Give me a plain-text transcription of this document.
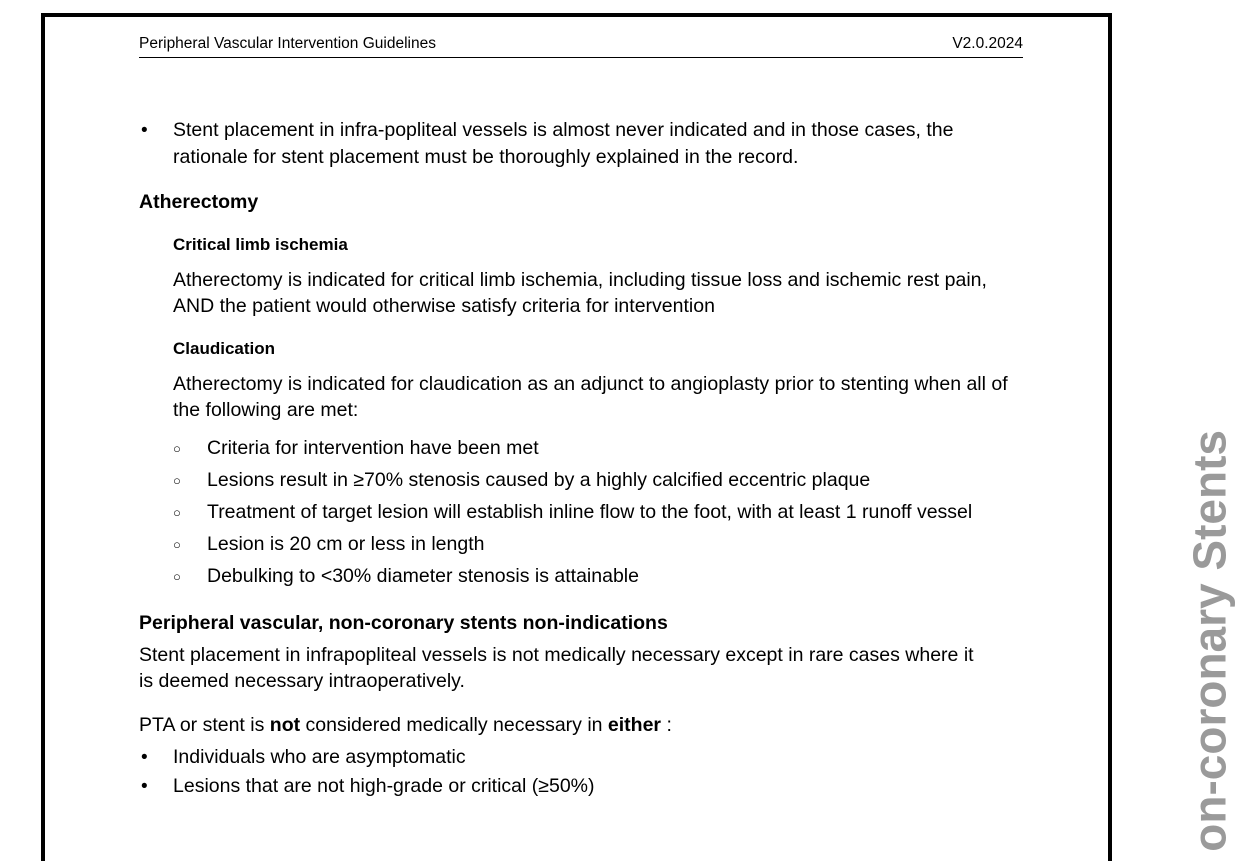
Peripheral Vascular Intervention Guidelines	V2.0.2024
•	Stent placement in infra-popliteal vessels is almost never indicated and in those cases, the rationale for stent placement must be thoroughly explained in the record.
Atherectomy
Critical limb ischemia

Atherectomy is indicated for critical limb ischemia, including tissue loss and ischemic rest pain, AND the patient would otherwise satisfy criteria for intervention

Claudication

Atherectomy is indicated for claudication as an adjunct to angioplasty prior to stenting when all of the following are met:

○	Criteria for intervention have been met
○	Lesions result in ≥70% stenosis caused by a highly calcified eccentric plaque
○	Treatment of target lesion will establish inline flow to the foot, with at least 1 runoff vessel
○	Lesion is 20 cm or less in length
○	Debulking to <30% diameter stenosis is attainable
Peripheral vascular, non-coronary stents non-indications

Stent placement in infrapopliteal vessels is not medically necessary except in rare cases where it is deemed necessary intraoperatively.

PTA or stent is not considered medically necessary in either :

•	Individuals who are asymptomatic
•	Lesions that are not high-grade or critical (≥50%)	on-coronary Stents
